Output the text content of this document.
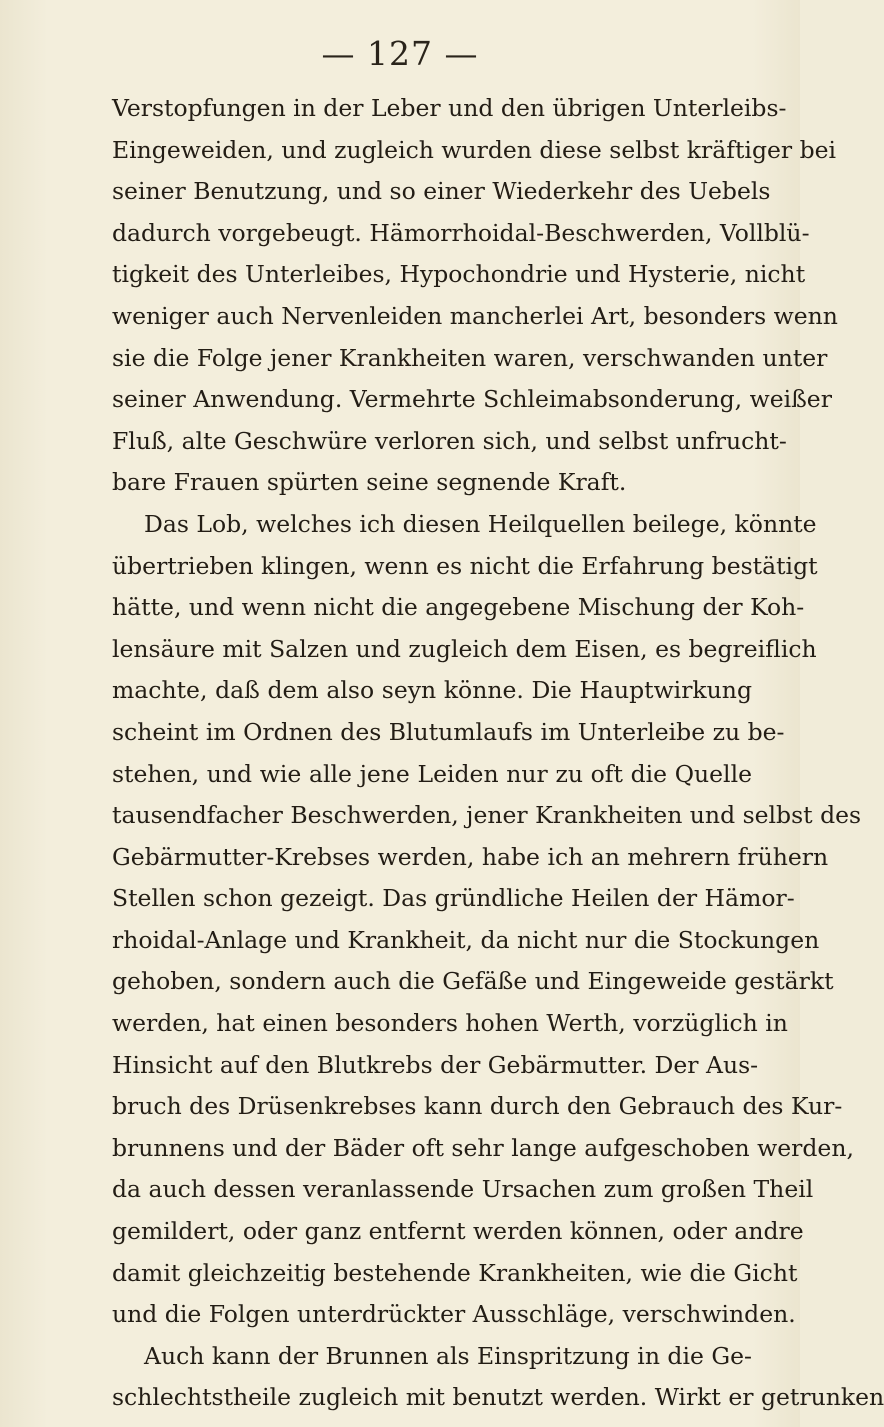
— 127 —
Verstopfungen in der Leber und den übrigen Unterleibs-
Eingeweiden, und zugleich wurden diese selbst kräftiger bei
seiner Benutzung, und so einer Wiederkehr des Uebels
dadurch vorgebeugt. Hämorrhoidal-Beschwerden, Vollblü-
tigkeit des Unterleibes, Hypochondrie und Hysterie, nicht
weniger auch Nervenleiden mancherlei Art, besonders wenn
sie die Folge jener Krankheiten waren, verschwanden unter
seiner Anwendung. Vermehrte Schleimabsonderung, weißer
Fluß, alte Geschwüre verloren sich, und selbst unfrucht-
bare Frauen spürten seine segnende Kraft.
Das Lob, welches ich diesen Heilquellen beilege, könnte
übertrieben klingen, wenn es nicht die Erfahrung bestätigt
hätte, und wenn nicht die angegebene Mischung der Koh-
lensäure mit Salzen und zugleich dem Eisen, es begreiflich
machte, daß dem also seyn könne. Die Hauptwirkung
scheint im Ordnen des Blutumlaufs im Unterleibe zu be-
stehen, und wie alle jene Leiden nur zu oft die Quelle
tausendfacher Beschwerden, jener Krankheiten und selbst des
Gebärmutter-Krebses werden, habe ich an mehrern frühern
Stellen schon gezeigt. Das gründliche Heilen der Hämor-
rhoidal-Anlage und Krankheit, da nicht nur die Stockungen
gehoben, sondern auch die Gefäße und Eingeweide gestärkt
werden, hat einen besonders hohen Werth, vorzüglich in
Hinsicht auf den Blutkrebs der Gebärmutter. Der Aus-
bruch des Drüsenkrebses kann durch den Gebrauch des Kur-
brunnens und der Bäder oft sehr lange aufgeschoben werden,
da auch dessen veranlassende Ursachen zum großen Theil
gemildert, oder ganz entfernt werden können, oder andre
damit gleichzeitig bestehende Krankheiten, wie die Gicht
und die Folgen unterdrückter Ausschläge, verschwinden.
Auch kann der Brunnen als Einspritzung in die Ge-
schlechtstheile zugleich mit benutzt werden. Wirkt er getrunken
